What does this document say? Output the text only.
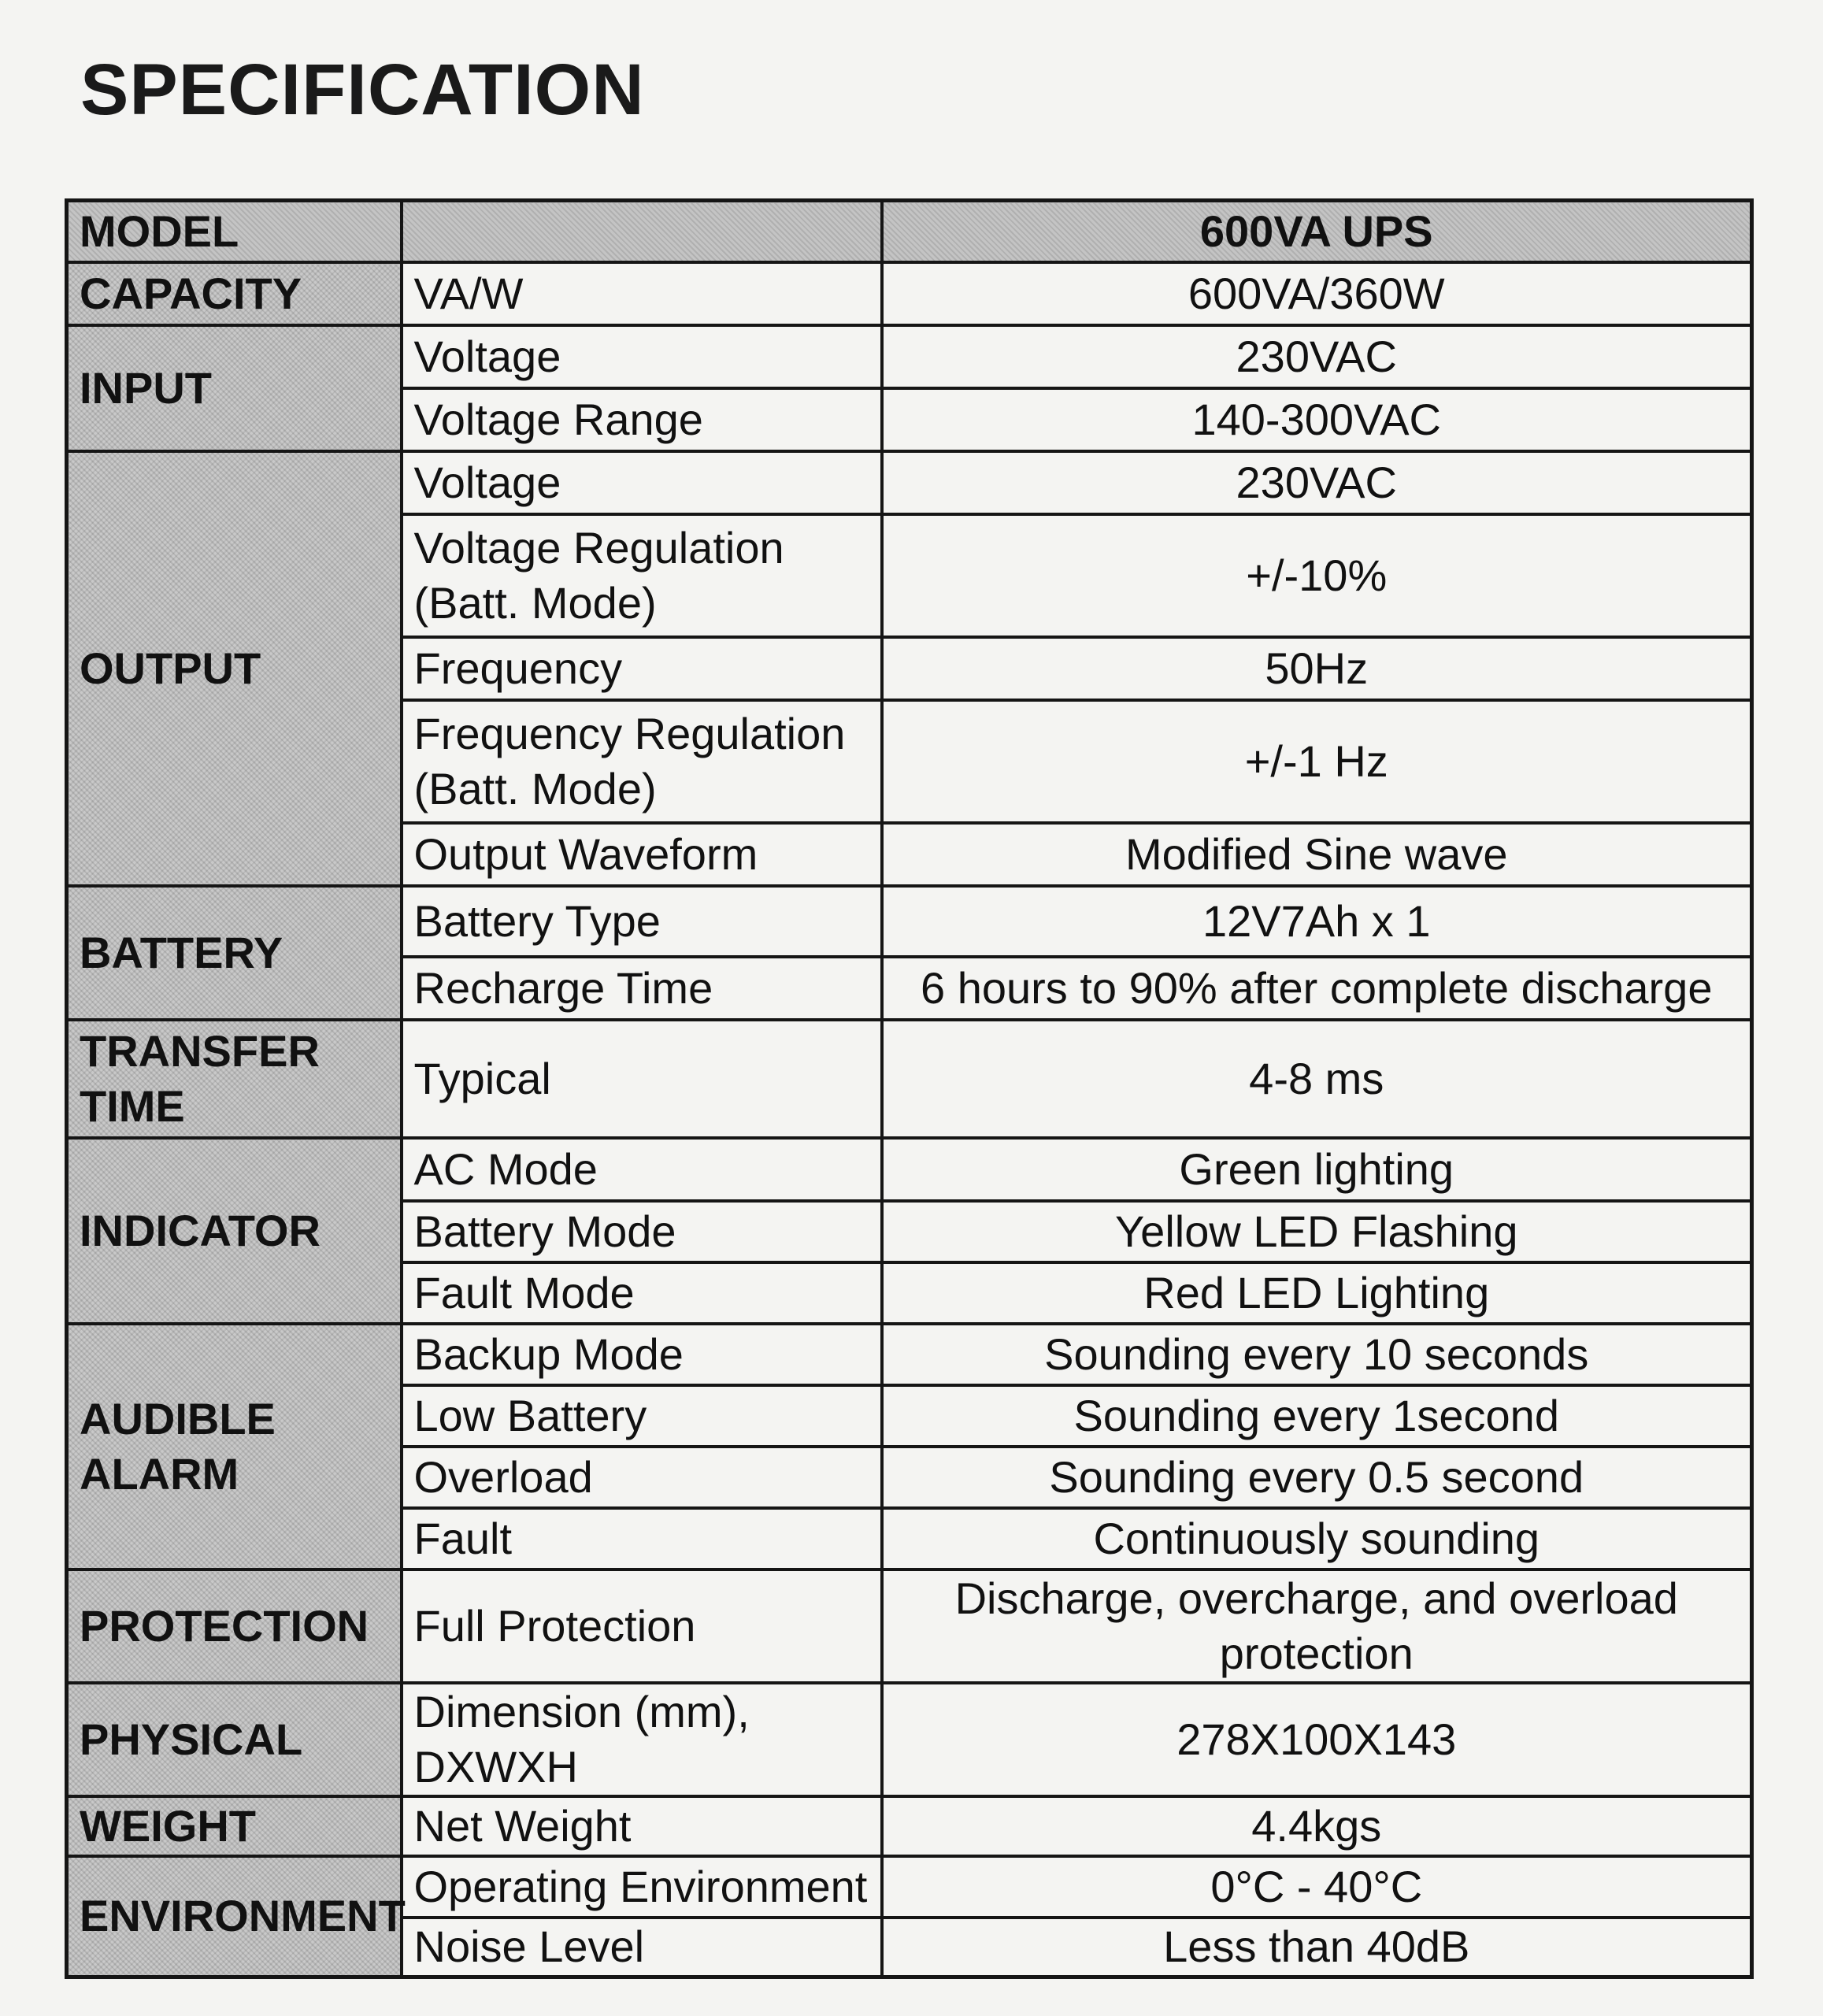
SPECIFICATION
MODEL		600VA UPS
CAPACITY	VA/W	600VA/360W
INPUT	Voltage	230VAC
	Voltage Range	140-300VAC
OUTPUT	Voltage	230VAC
	Voltage Regulation (Batt. Mode)	+/-10%
	Frequency	50Hz
	Frequency Regulation (Batt. Mode)	+/-1 Hz
	Output Waveform	Modified Sine wave
BATTERY	Battery Type	12V7Ah x 1
	Recharge Time	6 hours to 90% after complete discharge
TRANSFER TIME	Typical	4-8 ms
INDICATOR	AC Mode	Green lighting
	Battery Mode	Yellow LED Flashing
	Fault Mode	Red LED Lighting
AUDIBLE ALARM	Backup Mode	Sounding every 10 seconds
	Low Battery	Sounding every 1second
	Overload	Sounding every 0.5 second
	Fault	Continuously sounding
PROTECTION	Full Protection	Discharge, overcharge, and overload protection
PHYSICAL	Dimension (mm), DXWXH	278X100X143
WEIGHT	Net Weight	4.4kgs
ENVIRONMENT	Operating Environment	0°C - 40°C
	Noise Level	Less than 40dB
